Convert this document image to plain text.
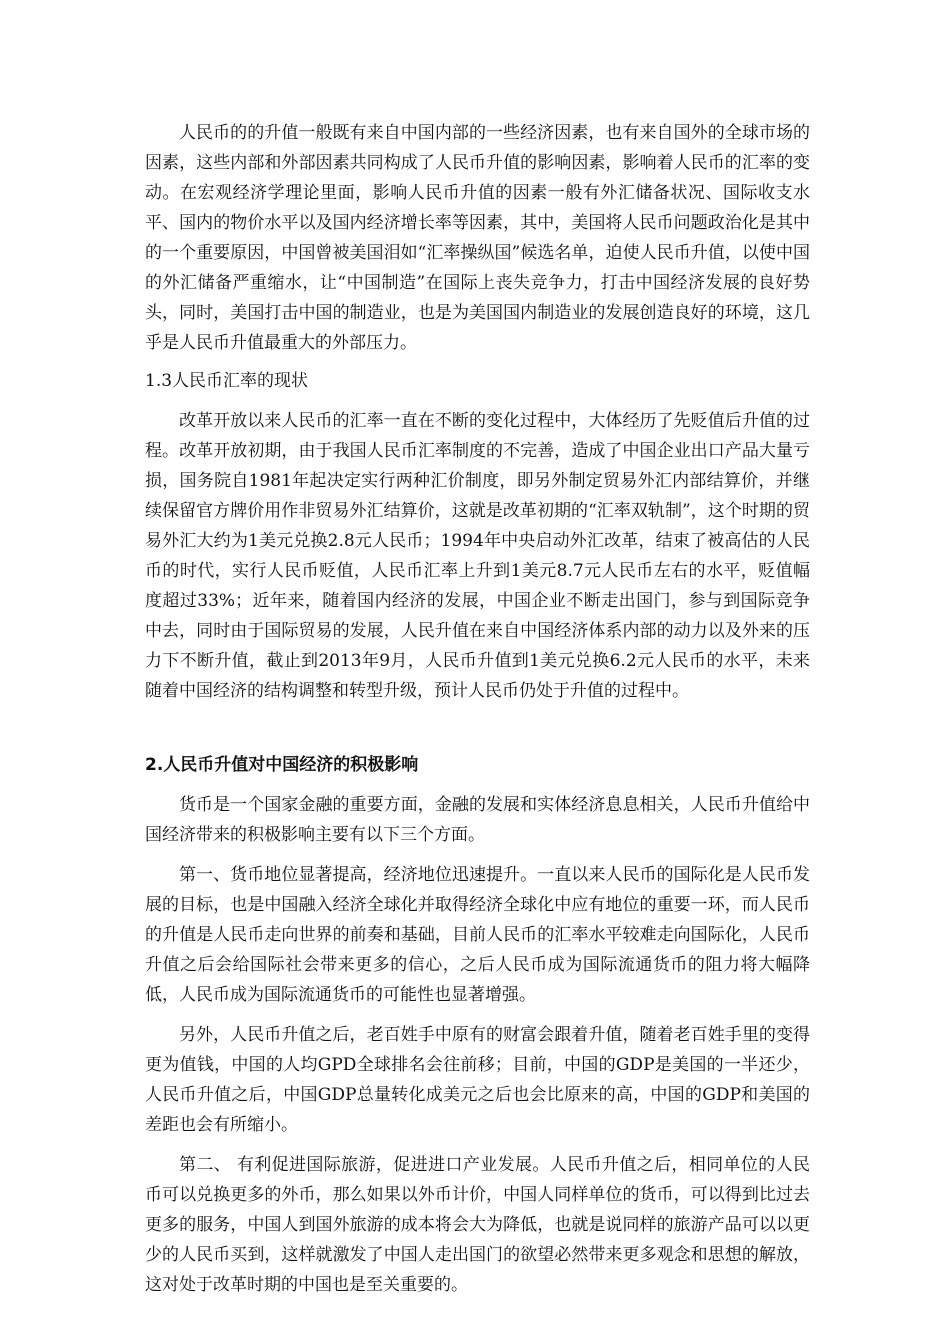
人民币的的升值一般既有来自中国内部的一些经济因素，也有来自国外的全球市场的因素，这些内部和外部因素共同构成了人民币升值的影响因素，影响着人民币的汇率的变动。在宏观经济学理论里面，影响人民币升值的因素一般有外汇储备状况、国际收支水平、国内的物价水平以及国内经济增长率等因素，其中，美国将人民币问题政治化是其中的一个重要原因，中国曾被美国泪如“汇率操纵国”候选名单，迫使人民币升值，以使中国的外汇储备严重缩水，让“中国制造”在国际上丧失竞争力，打击中国经济发展的良好势头，同时，美国打击中国的制造业，也是为美国国内制造业的发展创造良好的环境，这几乎是人民币升值最重大的外部压力。

1.3人民币汇率的现状

改革开放以来人民币的汇率一直在不断的变化过程中，大体经历了先贬值后升值的过程。改革开放初期，由于我国人民币汇率制度的不完善，造成了中国企业出口产品大量亏损，国务院自1981年起决定实行两种汇价制度，即另外制定贸易外汇内部结算价，并继续保留官方牌价用作非贸易外汇结算价，这就是改革初期的“汇率双轨制”，这个时期的贸易外汇大约为1美元兑换2.8元人民币；1994年中央启动外汇改革，结束了被高估的人民币的时代，实行人民币贬值，人民币汇率上升到1美元8.7元人民币左右的水平，贬值幅度超过33%；近年来，随着国内经济的发展，中国企业不断走出国门，参与到国际竞争中去，同时由于国际贸易的发展，人民升值在来自中国经济体系内部的动力以及外来的压力下不断升值，截止到2013年9月，人民币升值到1美元兑换6.2元人民币的水平，未来随着中国经济的结构调整和转型升级，预计人民币仍处于升值的过程中。

2.人民币升值对中国经济的积极影响

货币是一个国家金融的重要方面，金融的发展和实体经济息息相关，人民币升值给中国经济带来的积极影响主要有以下三个方面。

第一、货币地位显著提高，经济地位迅速提升。一直以来人民币的国际化是人民币发展的目标，也是中国融入经济全球化并取得经济全球化中应有地位的重要一环，而人民币的升值是人民币走向世界的前奏和基础，目前人民币的汇率水平较难走向国际化，人民币升值之后会给国际社会带来更多的信心，之后人民币成为国际流通货币的阻力将大幅降低，人民币成为国际流通货币的可能性也显著增强。

另外，人民币升值之后，老百姓手中原有的财富会跟着升值，随着老百姓手里的变得更为值钱，中国的人均GPD全球排名会往前移；目前，中国的GDP是美国的一半还少，人民币升值之后，中国GDP总量转化成美元之后也会比原来的高，中国的GDP和美国的差距也会有所缩小。

第二、 有利促进国际旅游，促进进口产业发展。人民币升值之后，相同单位的人民币可以兑换更多的外币，那么如果以外币计价，中国人同样单位的货币，可以得到比过去更多的服务，中国人到国外旅游的成本将会大为降低，也就是说同样的旅游产品可以以更少的人民币买到，这样就激发了中国人走出国门的欲望必然带来更多观念和思想的解放，这对处于改革时期的中国也是至关重要的。
